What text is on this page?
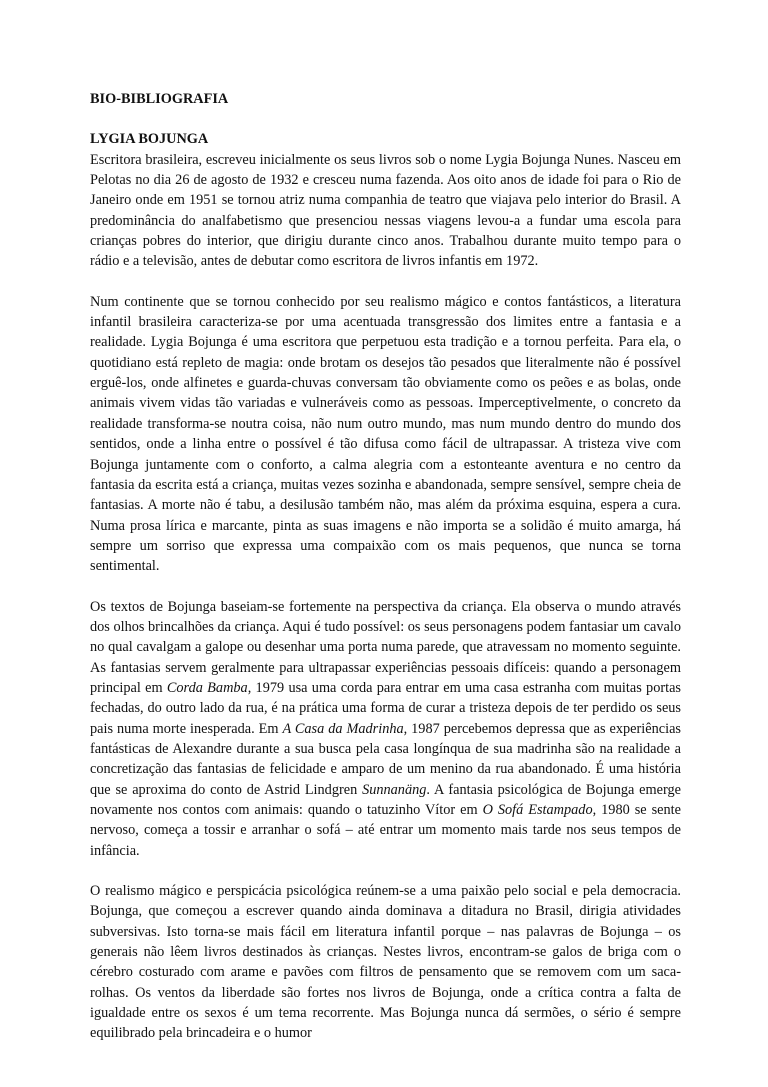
BIO-BIBLIOGRAFIA
LYGIA BOJUNGA

Escritora brasileira, escreveu inicialmente os seus livros sob o nome Lygia Bojunga Nunes. Nasceu em Pelotas no dia 26 de agosto de 1932 e cresceu numa fazenda. Aos oito anos de idade foi para o Rio de Janeiro onde em 1951 se tornou atriz numa companhia de teatro que viajava pelo interior do Brasil. A predominância do analfabetismo que presenciou nessas viagens levou-a a fundar uma escola para crianças pobres do interior, que dirigiu durante cinco anos. Trabalhou durante muito tempo para o rádio e a televisão, antes de debutar como escritora de livros infantis em 1972.

Num continente que se tornou conhecido por seu realismo mágico e contos fantásticos, a literatura infantil brasileira caracteriza-se por uma acentuada transgressão dos limites entre a fantasia e a realidade. Lygia Bojunga é uma escritora que perpetuou esta tradição e a tornou perfeita. Para ela, o quotidiano está repleto de magia: onde brotam os desejos tão pesados que literalmente não é possível erguê-los, onde alfinetes e guarda-chuvas conversam tão obviamente como os peões e as bolas, onde animais vivem vidas tão variadas e vulneráveis como as pessoas. Imperceptivelmente, o concreto da realidade transforma-se noutra coisa, não num outro mundo, mas num mundo dentro do mundo dos sentidos, onde a linha entre o possível é tão difusa como fácil de ultrapassar. A tristeza vive com Bojunga juntamente com o conforto, a calma alegria com a estonteante aventura e no centro da fantasia da escrita está a criança, muitas vezes sozinha e abandonada, sempre sensível, sempre cheia de fantasias. A morte não é tabu, a desilusão também não, mas além da próxima esquina, espera a cura. Numa prosa lírica e marcante, pinta as suas imagens e não importa se a solidão é muito amarga, há sempre um sorriso que expressa uma compaixão com os mais pequenos, que nunca se torna sentimental.

Os textos de Bojunga baseiam-se fortemente na perspectiva da criança. Ela observa o mundo através dos olhos brincalhões da criança. Aqui é tudo possível: os seus personagens podem fantasiar um cavalo no qual cavalgam a galope ou desenhar uma porta numa parede, que atravessam no momento seguinte. As fantasias servem geralmente para ultrapassar experiências pessoais difíceis: quando a personagem principal em Corda Bamba, 1979 usa uma corda para entrar em uma casa estranha com muitas portas fechadas, do outro lado da rua, é na prática uma forma de curar a tristeza depois de ter perdido os seus pais numa morte inesperada. Em A Casa da Madrinha, 1987 percebemos depressa que as experiências fantásticas de Alexandre durante a sua busca pela casa longínqua de sua madrinha são na realidade a concretização das fantasias de felicidade e amparo de um menino da rua abandonado. É uma história que se aproxima do conto de Astrid Lindgren Sunnanäng. A fantasia psicológica de Bojunga emerge novamente nos contos com animais: quando o tatuzinho Vítor em O Sofá Estampado, 1980 se sente nervoso, começa a tossir e arranhar o sofá – até entrar um momento mais tarde nos seus tempos de infância.

O realismo mágico e perspicácia psicológica reúnem-se a uma paixão pelo social e pela democracia. Bojunga, que começou a escrever quando ainda dominava a ditadura no Brasil, dirigia atividades subversivas. Isto torna-se mais fácil em literatura infantil porque – nas palavras de Bojunga – os generais não lêem livros destinados às crianças. Nestes livros, encontram-se galos de briga com o cérebro costurado com arame e pavões com filtros de pensamento que se removem com um saca-rolhas. Os ventos da liberdade são fortes nos livros de Bojunga, onde a crítica contra a falta de igualdade entre os sexos é um tema recorrente. Mas Bojunga nunca dá sermões, o sério é sempre equilibrado pela brincadeira e o humor
